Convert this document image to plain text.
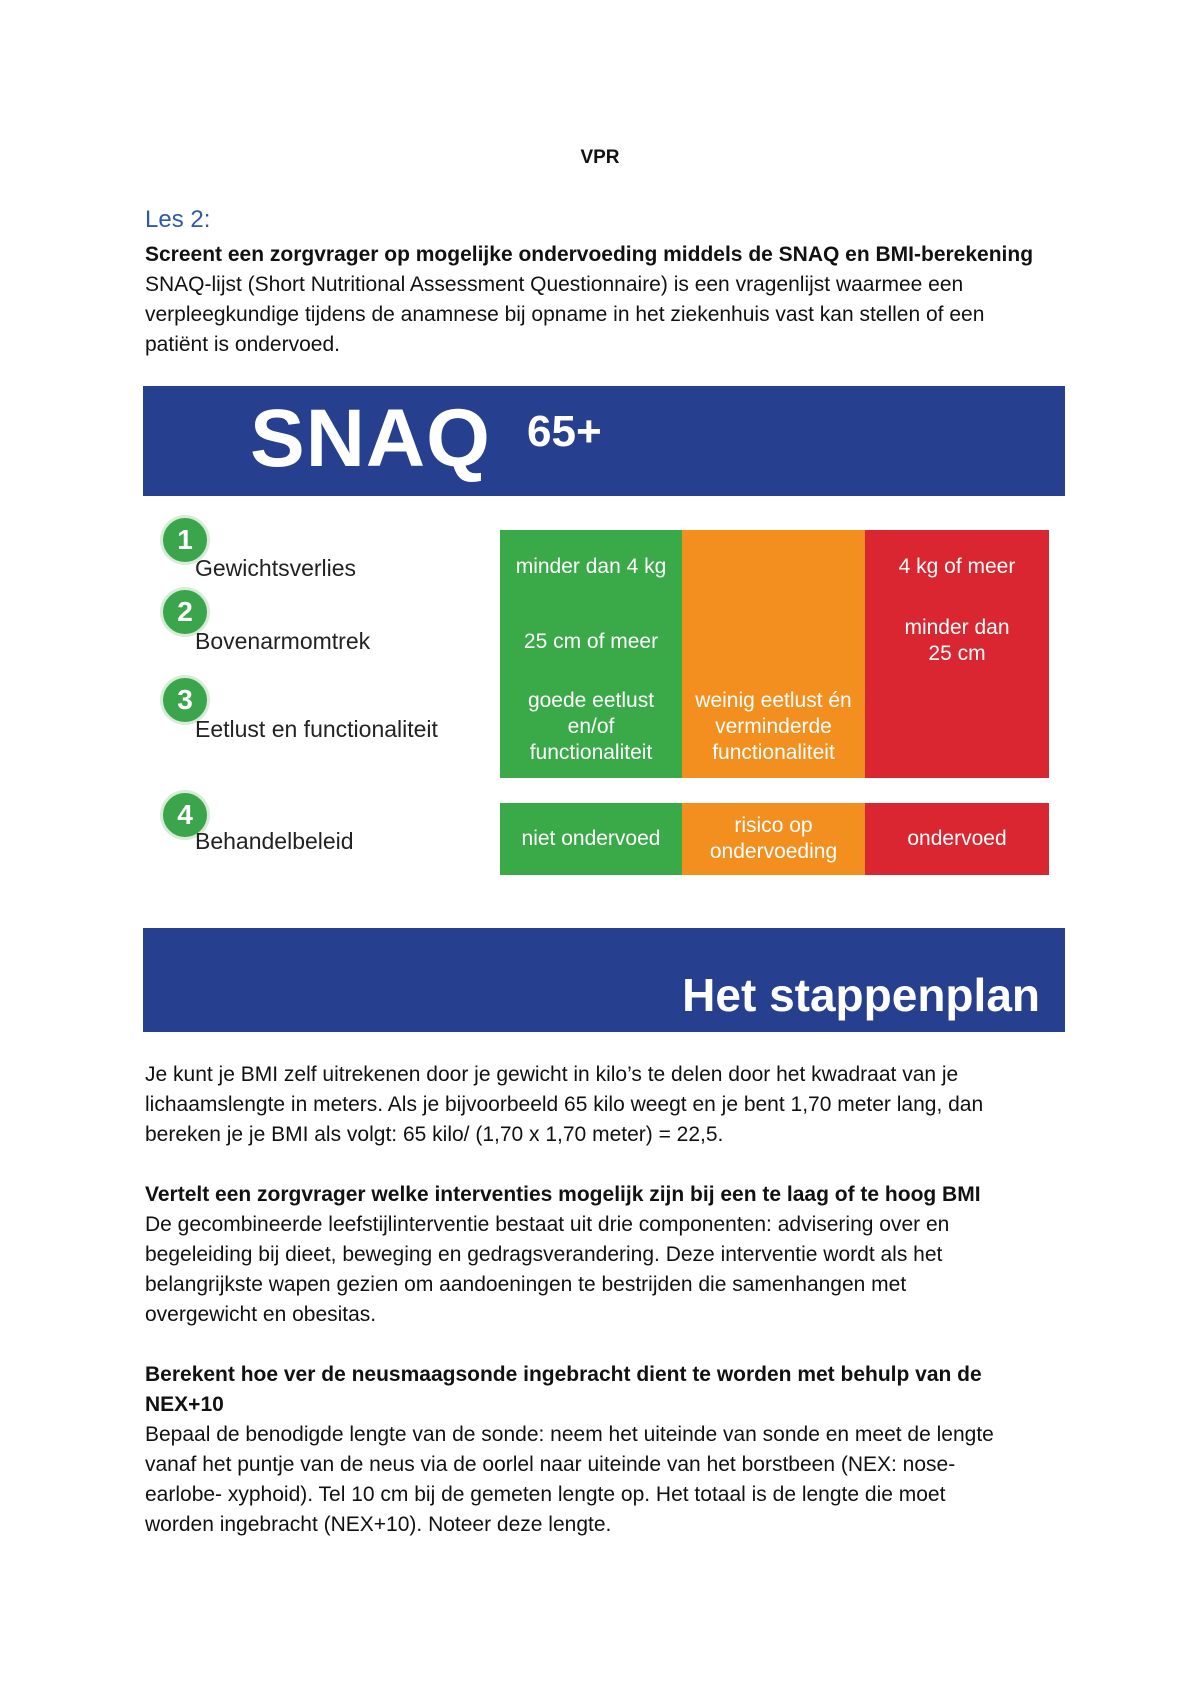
VPR
Les 2:
Screent een zorgvrager op mogelijke ondervoeding middels de SNAQ en BMI-berekening
SNAQ-lijst (Short Nutritional Assessment Questionnaire) is een vragenlijst waarmee een
verpleegkundige tijdens de anamnese bij opname in het ziekenhuis vast kan stellen of een
patiënt is ondervoed.
SNAQ 65+
1
Gewichtsverlies
2
Bovenarmomtrek
3
Eetlust en functionaliteit
4
Behandelbeleid
minder dan 4 kg
25 cm of meer
goede eetlust en/of functionaliteit
weinig eetlust én verminderde functionaliteit
4 kg of meer
minder dan 25 cm
niet ondervoed
risico op ondervoeding
ondervoed
Het stappenplan
Je kunt je BMI zelf uitrekenen door je gewicht in kilo’s te delen door het kwadraat van je
lichaamslengte in meters. Als je bijvoorbeeld 65 kilo weegt en je bent 1,70 meter lang, dan
bereken je je BMI als volgt: 65 kilo/ (1,70 x 1,70 meter) = 22,5.
Vertelt een zorgvrager welke interventies mogelijk zijn bij een te laag of te hoog BMI
De gecombineerde leefstijlinterventie bestaat uit drie componenten: advisering over en
begeleiding bij dieet, beweging en gedragsverandering. Deze interventie wordt als het
belangrijkste wapen gezien om aandoeningen te bestrijden die samenhangen met
overgewicht en obesitas.
Berekent hoe ver de neusmaagsonde ingebracht dient te worden met behulp van de
NEX+10
Bepaal de benodigde lengte van de sonde: neem het uiteinde van sonde en meet de lengte
vanaf het puntje van de neus via de oorlel naar uiteinde van het borstbeen (NEX: nose-
earlobe- xyphoid). Tel 10 cm bij de gemeten lengte op. Het totaal is de lengte die moet
worden ingebracht (NEX+10). Noteer deze lengte.
